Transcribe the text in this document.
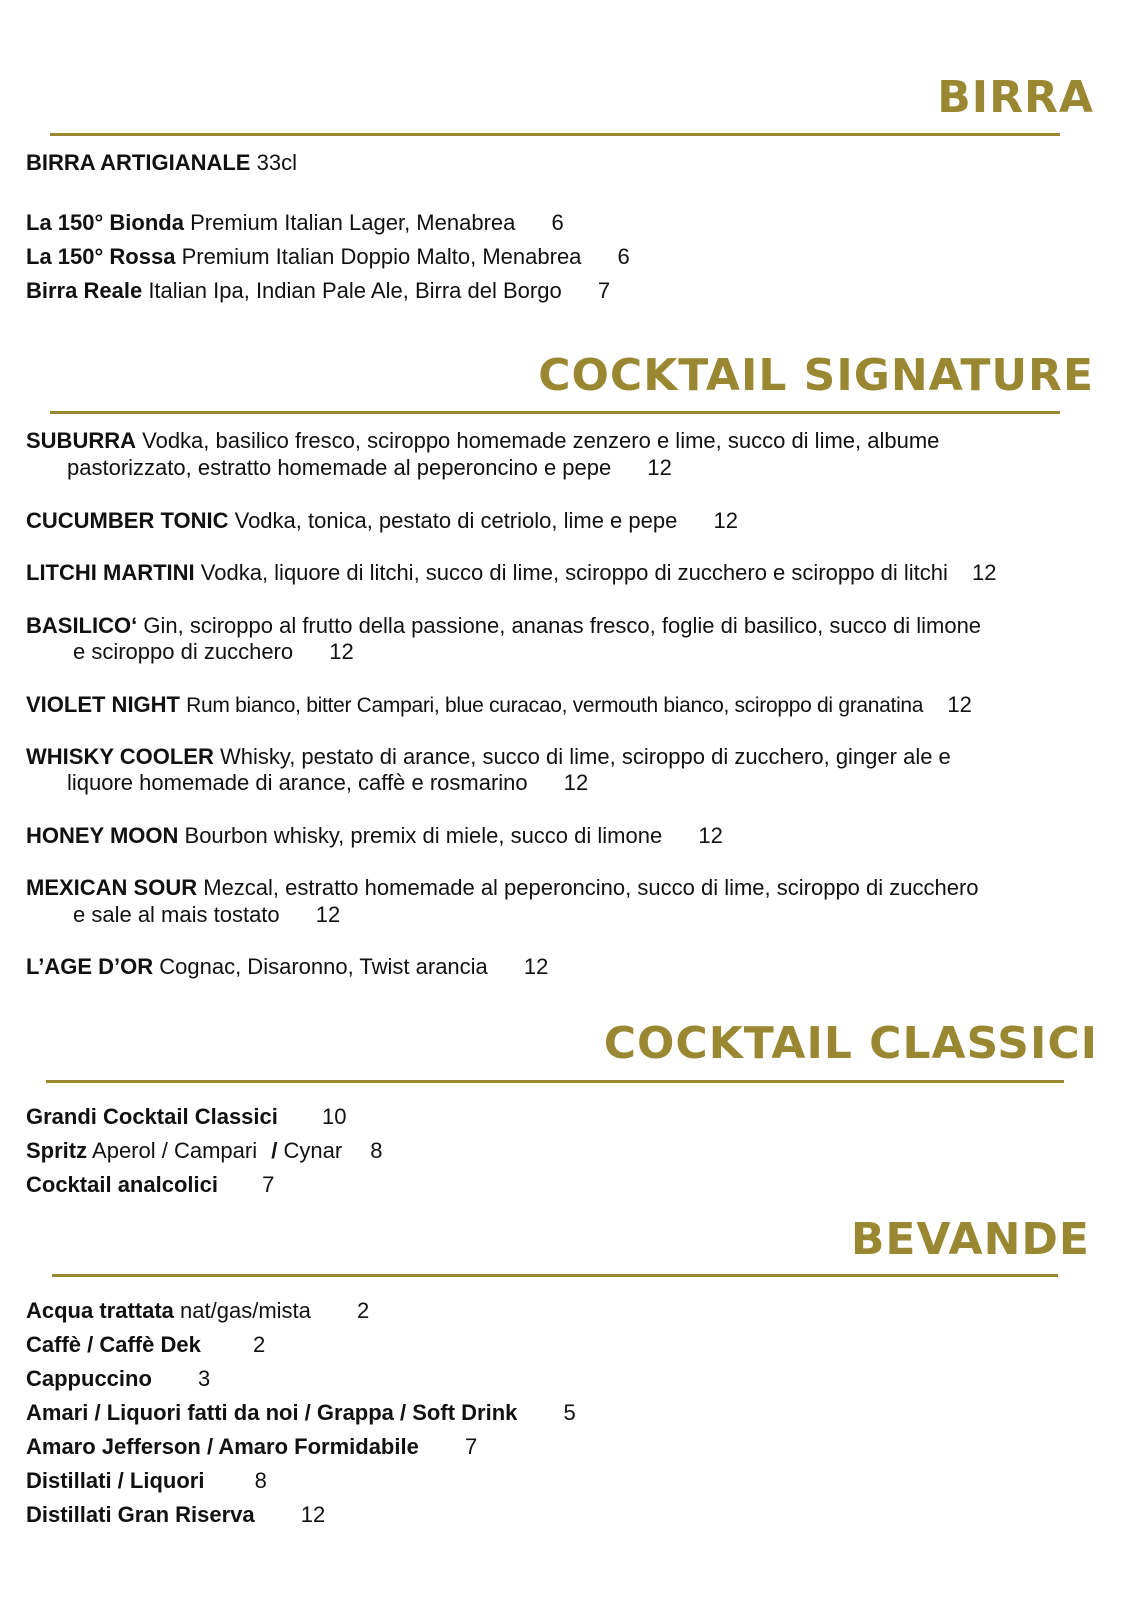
BIRRA

BIRRA ARTIGIANALE 33cl

La 150° Bionda Premium Italian Lager, Menabrea 6

La 150° Rossa Premium Italian Doppio Malto, Menabrea 6

Birra Reale Italian Ipa, Indian Pale Ale, Birra del Borgo 7

COCKTAIL SIGNATURE

SUBURRA Vodka, basilico fresco, sciroppo homemade zenzero e lime, succo di lime, albume

pastorizzato, estratto homemade al peperoncino e pepe 12

CUCUMBER TONIC Vodka, tonica, pestato di cetriolo, lime e pepe 12

LITCHI MARTINI Vodka, liquore di litchi, succo di lime, sciroppo di zucchero e sciroppo di litchi 12

BASILICO‘ Gin, sciroppo al frutto della passione, ananas fresco, foglie di basilico, succo di limone

e sciroppo di zucchero 12

VIOLET NIGHT Rum bianco, bitter Campari, blue curacao, vermouth bianco, sciroppo di granatina 12

WHISKY COOLER Whisky, pestato di arance, succo di lime, sciroppo di zucchero, ginger ale e

liquore homemade di arance, caffè e rosmarino 12

HONEY MOON Bourbon whisky, premix di miele, succo di limone 12

MEXICAN SOUR Mezcal, estratto homemade al peperoncino, succo di lime, sciroppo di zucchero

e sale al mais tostato 12

L’AGE D’OR Cognac, Disaronno, Twist arancia 12

COCKTAIL CLASSICI

Grandi Cocktail Classici 10

Spritz Aperol / Campari / Cynar 8

Cocktail analcolici 7

BEVANDE

Acqua trattata nat/gas/mista 2

Caffè / Caffè Dek 2

Cappuccino 3

Amari / Liquori fatti da noi / Grappa / Soft Drink 5

Amaro Jefferson / Amaro Formidabile 7

Distillati / Liquori 8

Distillati Gran Riserva 12
